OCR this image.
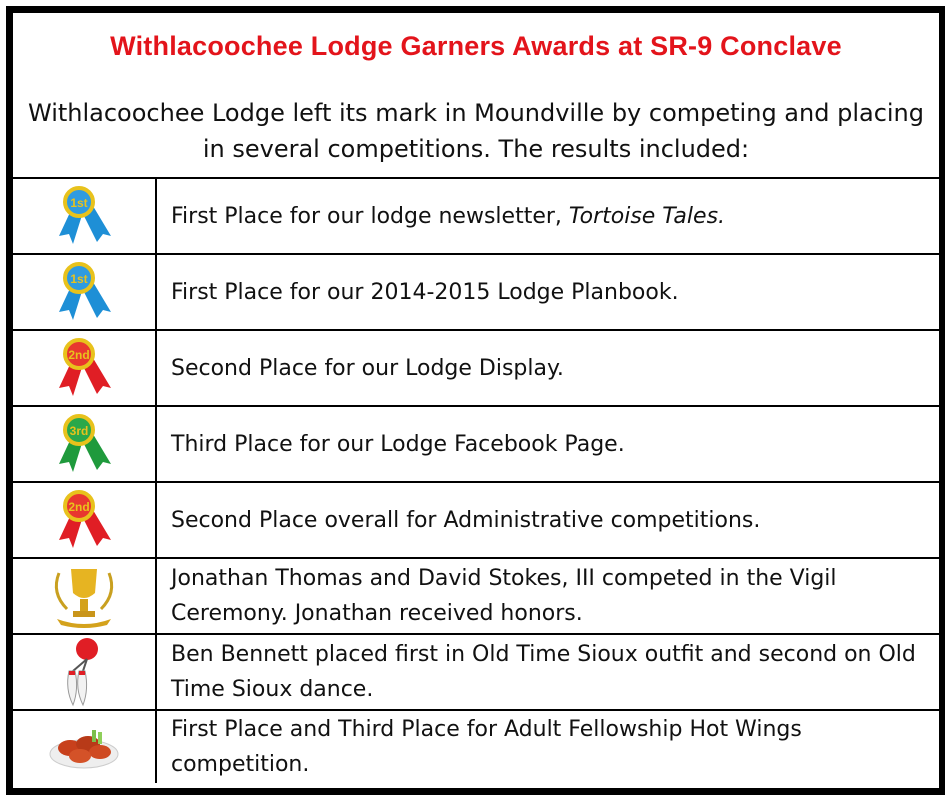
Withlacoochee Lodge Garners Awards at SR-9 Conclave
Withlacoochee Lodge left its mark in Moundville by competing and placing in several competitions. The results included:
1st
First Place for our lodge newsletter, Tortoise Tales.
1st
First Place for our 2014-2015 Lodge Planbook.
2nd
Second Place for our Lodge Display.
3rd
Third Place for our Lodge Facebook Page.
2nd
Second Place overall for Administrative competitions.
Jonathan Thomas and David Stokes, III competed in the Vigil Ceremony. Jonathan received honors.
Ben Bennett placed first in Old Time Sioux outfit and second on Old Time Sioux dance.
First Place and Third Place for Adult Fellowship Hot Wings competition.
